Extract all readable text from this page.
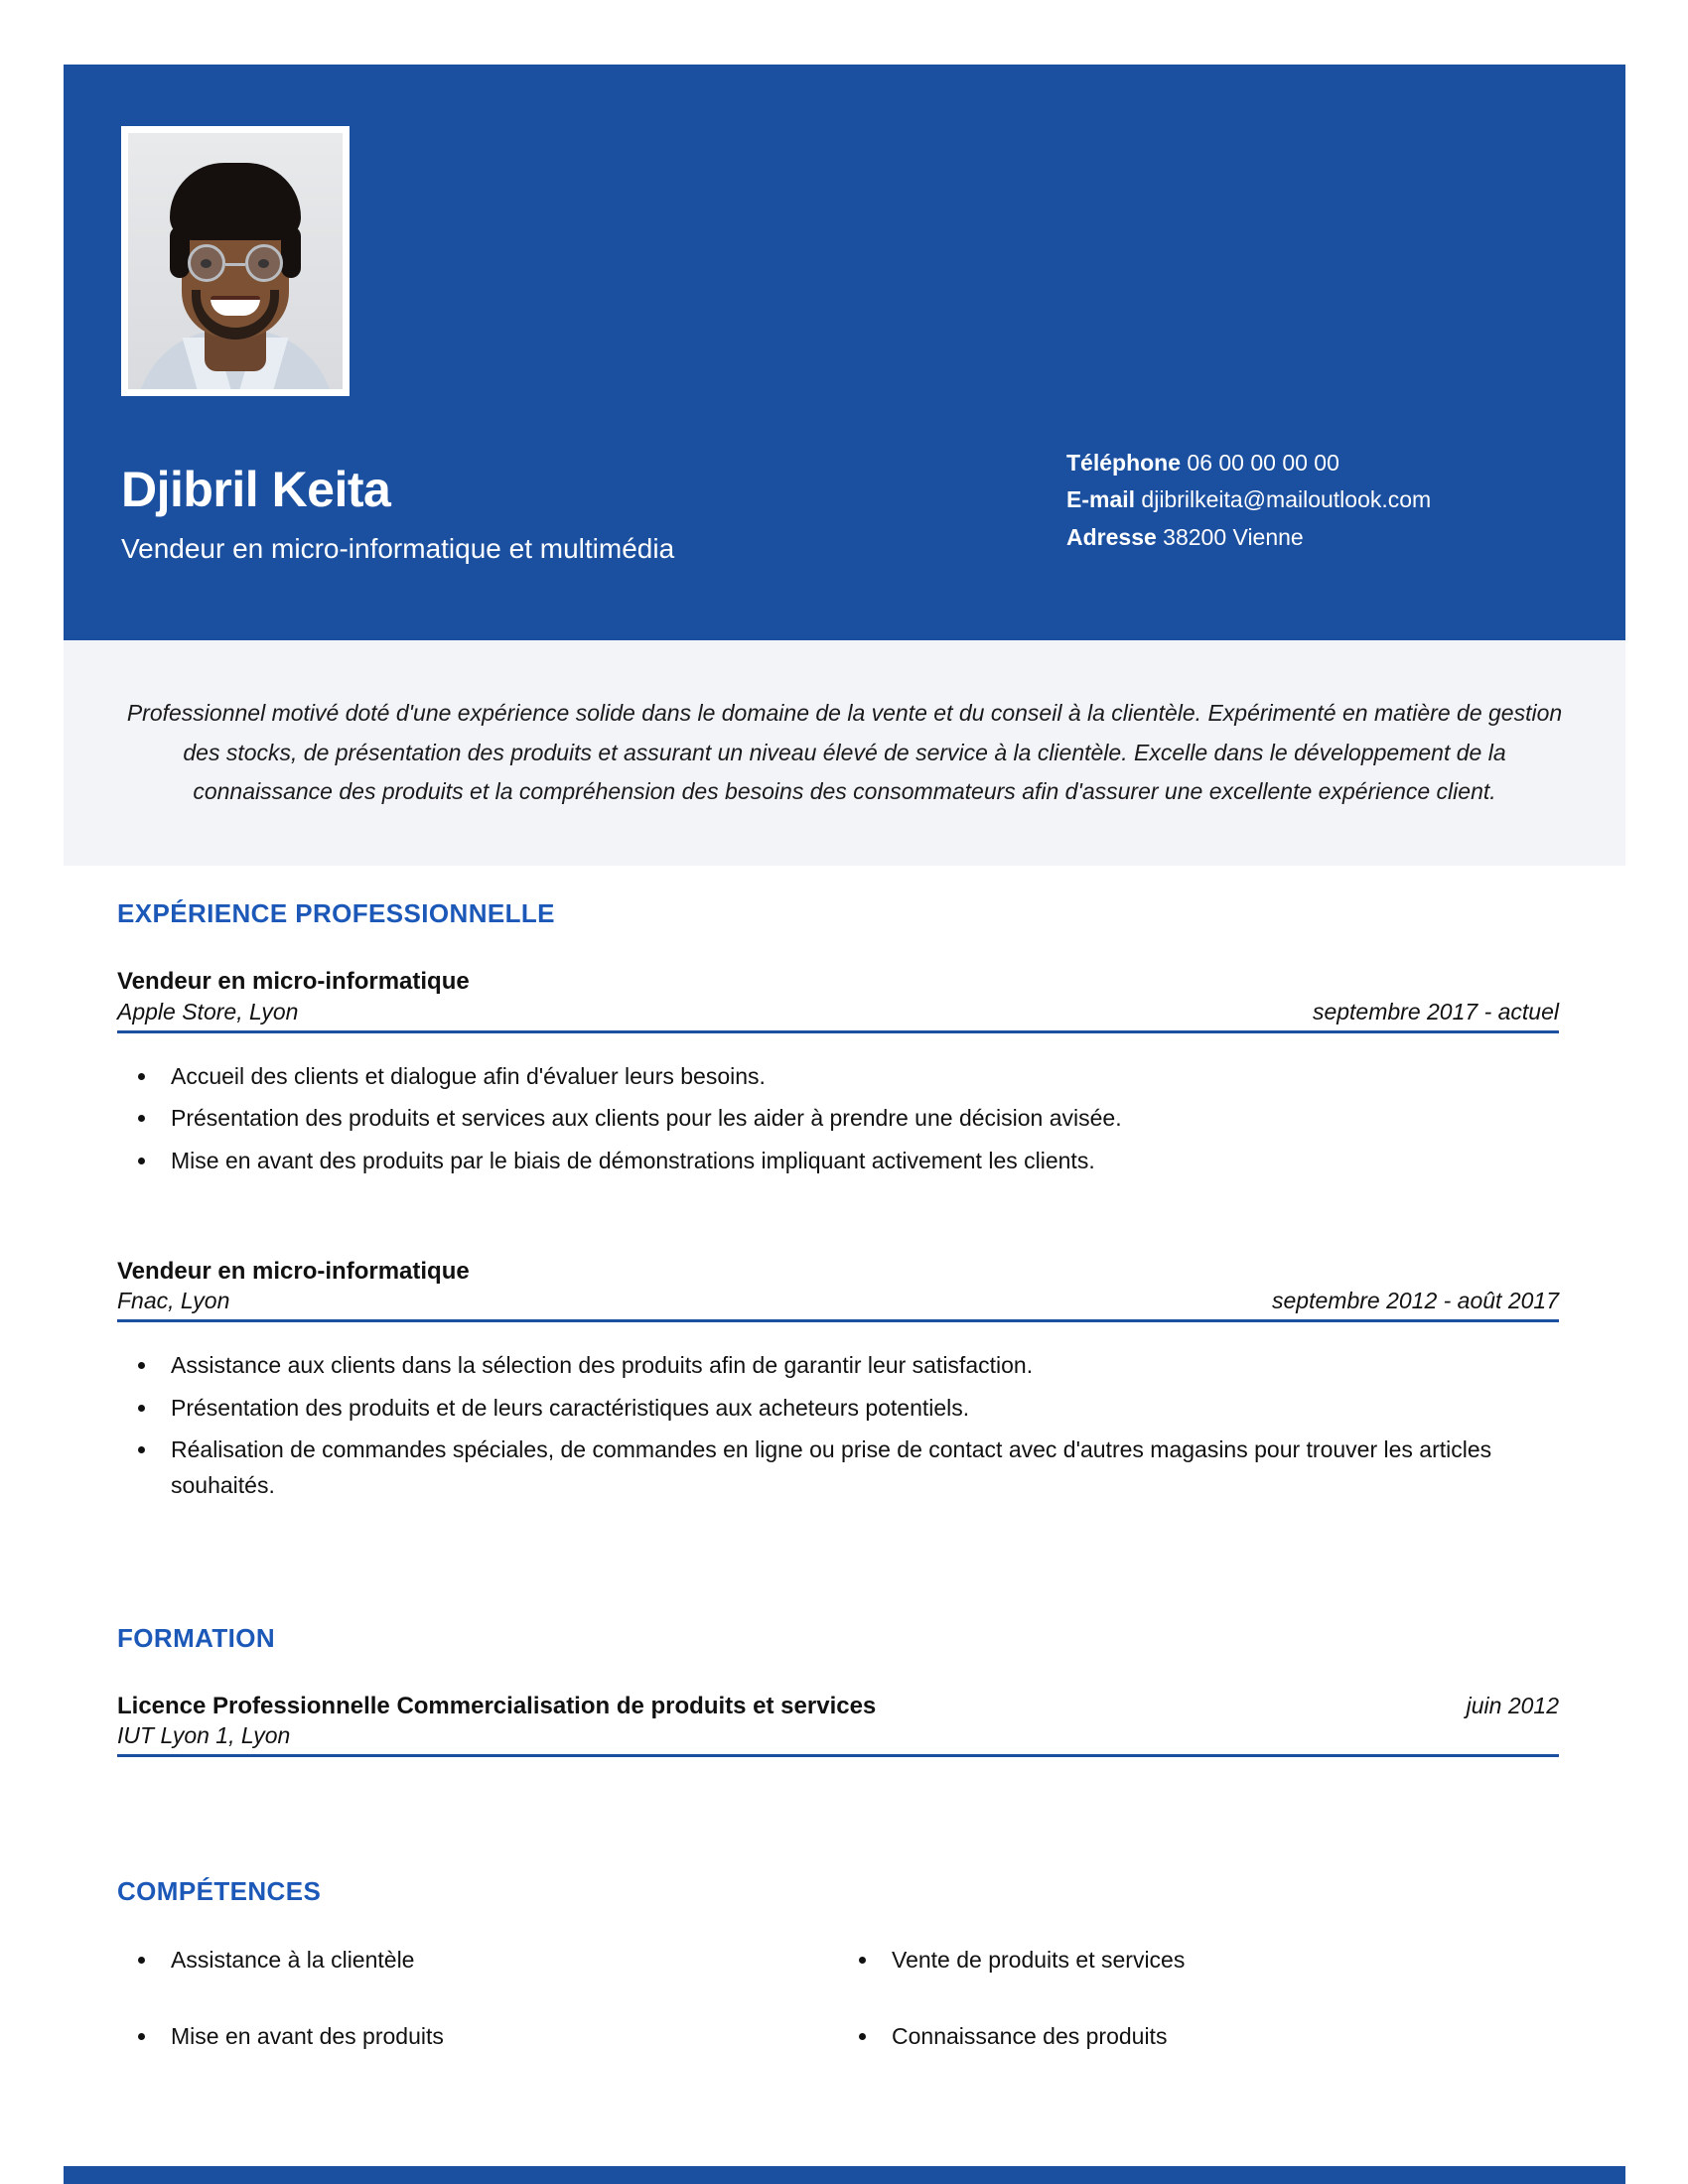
Djibril Keita
Vendeur en micro-informatique et multimédia
Téléphone 06 00 00 00 00
E-mail djibrilkeita@mailoutlook.com
Adresse 38200 Vienne

Professionnel motivé doté d'une expérience solide dans le domaine de la vente et du conseil à la clientèle. Expérimenté en matière de gestion des stocks, de présentation des produits et assurant un niveau élevé de service à la clientèle. Excelle dans le développement de la connaissance des produits et la compréhension des besoins des consommateurs afin d'assurer une excellente expérience client.

EXPÉRIENCE PROFESSIONNELLE
Vendeur en micro-informatique
Apple Store, Lyon	septembre 2017 - actuel
• Accueil des clients et dialogue afin d'évaluer leurs besoins.
• Présentation des produits et services aux clients pour les aider à prendre une décision avisée.
• Mise en avant des produits par le biais de démonstrations impliquant activement les clients.
Vendeur en micro-informatique
Fnac, Lyon	septembre 2012 - août 2017
• Assistance aux clients dans la sélection des produits afin de garantir leur satisfaction.
• Présentation des produits et de leurs caractéristiques aux acheteurs potentiels.
• Réalisation de commandes spéciales, de commandes en ligne ou prise de contact avec d'autres magasins pour trouver les articles souhaités.
FORMATION
Licence Professionnelle Commercialisation de produits et services	juin 2012
IUT Lyon 1, Lyon
COMPÉTENCES
• Assistance à la clientèle
• Mise en avant des produits
• Vente de produits et services
• Connaissance des produits
